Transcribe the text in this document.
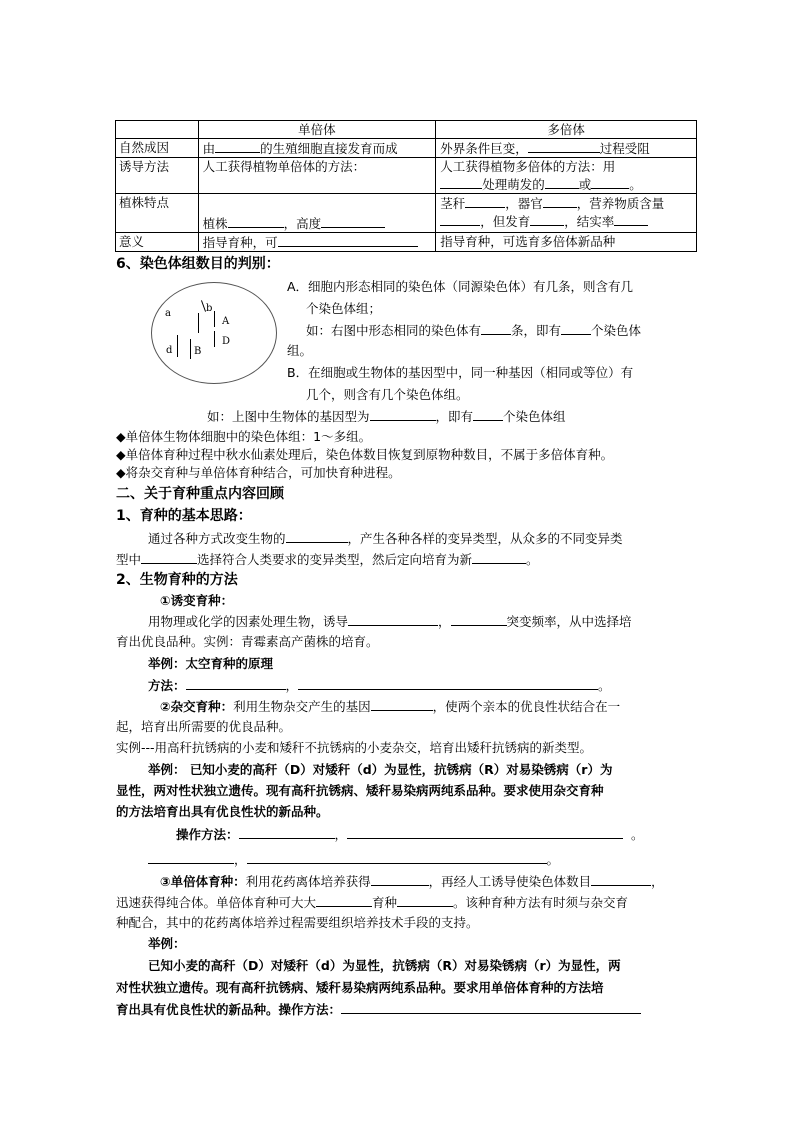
	单倍体	多倍体
自然成因	由 的生殖细胞直接发育而成	外界条件巨变， 过程受阻
诱导方法	人工获得植物单倍体的方法：	人工获得植物多倍体的方法：用
处理萌发的 或 。
植株特点	植株 ，高度	茎秆 ，器官 ，营养物质含量
，但发育 ，结实率
意义	指导育种，可	指导育种，可选育多倍体新品种
6、染色体组数目的判别：
a	b
A
D
d B
A．细胞内形态相同的染色体（同源染色体）有几条，则含有几
个染色体组；
如：右图中形态相同的染色体有 条，即有 个染色体
组。
B．在细胞或生物体的基因型中，同一种基因（相同或等位）有
几个，则含有几个染色体组。
如：上图中生物体的基因型为	，即有 个染色体组
◆单倍体生物体细胞中的染色体组：1～多组。
◆单倍体育种过程中秋水仙素处理后，染色体数目恢复到原物种数目，不属于多倍体育种。
◆将杂交育种与单倍体育种结合，可加快育种进程。
二、关于育种重点内容回顾
1、育种的基本思路：
通过各种方式改变生物的	，产生各种各样的变异类型，从众多的不同变异类
型中	选择符合人类要求的变异类型，然后定向培育为新	。
2、生物育种的方法
①诱变育种：
用物理或化学的因素处理生物，诱导	，	突变频率，从中选择培
育出优良品种。实例：青霉素高产菌株的培育。
举例：太空育种的原理
方法：	，	。
②杂交育种：利用生物杂交产生的基因	，使两个亲本的优良性状结合在一
起，培育出所需要的优良品种。
实例---用高秆抗锈病的小麦和矮秆不抗锈病的小麦杂交，培育出矮秆抗锈病的新类型。
举例： 已知小麦的高秆（D）对矮秆（d）为显性，抗锈病（R）对易染锈病（r）为
显性，两对性状独立遗传。现有高秆抗锈病、矮秆易染病两纯系品种。要求使用杂交育种
的方法培育出具有优良性状的新品种。
操作方法：	，	。
，	。
③单倍体育种：利用花药离体培养获得	，再经人工诱导使染色体数目	，
迅速获得纯合体。单倍体育种可大大	育种	。该种育种方法有时须与杂交育
种配合，其中的花药离体培养过程需要组织培养技术手段的支持。
举例：
已知小麦的高秆（D）对矮秆（d）为显性，抗锈病（R）对易染锈病（r）为显性，两
对性状独立遗传。现有高秆抗锈病、矮秆易染病两纯系品种。要求用单倍体育种的方法培
育出具有优良性状的新品种。操作方法：
